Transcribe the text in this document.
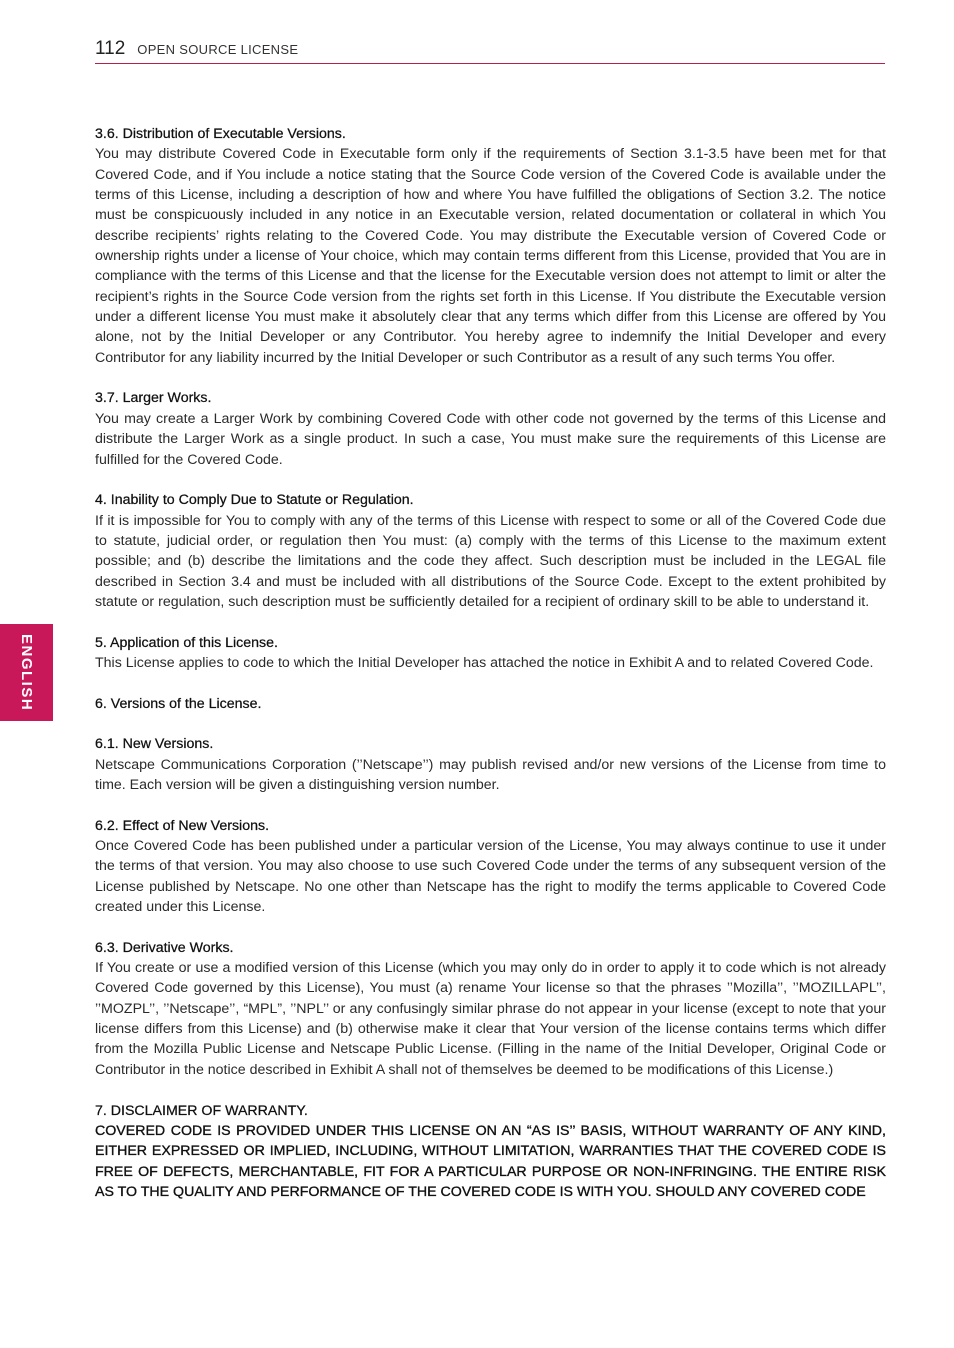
112 OPEN SOURCE LICENSE
ENGLISH
3.6. Distribution of Executable Versions.

You may distribute Covered Code in Executable form only if the requirements of Section 3.1-3.5 have been met for that Covered Code, and if You include a notice stating that the Source Code version of the Covered Code is available under the terms of this License, including a description of how and where You have fulfilled the obligations of Section 3.2. The notice must be conspicuously included in any notice in an Executable version, related documentation or collateral in which You describe recipients’ rights relating to the Covered Code. You may distribute the Executable version of Covered Code or ownership rights under a license of Your choice, which may contain terms different from this License, provided that You are in compliance with the terms of this License and that the license for the Executable version does not attempt to limit or alter the recipient’s rights in the Source Code version from the rights set forth in this License. If You distribute the Executable version under a different license You must make it absolutely clear that any terms which differ from this License are offered by You alone, not by the Initial Developer or any Contributor. You hereby agree to indemnify the Initial Developer and every Contributor for any liability incurred by the Initial Developer or such Contributor as a result of any such terms You offer.

3.7. Larger Works.

You may create a Larger Work by combining Covered Code with other code not governed by the terms of this License and distribute the Larger Work as a single product. In such a case, You must make sure the requirements of this License are fulfilled for the Covered Code.

4. Inability to Comply Due to Statute or Regulation.

If it is impossible for You to comply with any of the terms of this License with respect to some or all of the Covered Code due to statute, judicial order, or regulation then You must: (a) comply with the terms of this License to the maximum extent possible; and (b) describe the limitations and the code they affect. Such description must be included in the LEGAL file described in Section 3.4 and must be included with all distributions of the Source Code. Except to the extent prohibited by statute or regulation, such description must be sufficiently detailed for a recipient of ordinary skill to be able to understand it.

5. Application of this License.

This License applies to code to which the Initial Developer has attached the notice in Exhibit A and to related Covered Code.

6. Versions of the License.
6.1. New Versions.

Netscape Communications Corporation (’’Netscape’’) may publish revised and/or new versions of the License from time to time. Each version will be given a distinguishing version number.

6.2. Effect of New Versions.

Once Covered Code has been published under a particular version of the License, You may always continue to use it under the terms of that version. You may also choose to use such Covered Code under the terms of any subsequent version of the License published by Netscape. No one other than Netscape has the right to modify the terms applicable to Covered Code created under this License.

6.3. Derivative Works.

If You create or use a modified version of this License (which you may only do in order to apply it to code which is not already Covered Code governed by this License), You must (a) rename Your license so that the phrases ’’Mozilla’’, ’’MOZILLAPL’’, ’’MOZPL’’, ’’Netscape’’, “MPL”, ’’NPL’’ or any confusingly similar phrase do not appear in your license (except to note that your license differs from this License) and (b) otherwise make it clear that Your version of the license contains terms which differ from the Mozilla Public License and Netscape Public License. (Filling in the name of the Initial Developer, Original Code or Contributor in the notice described in Exhibit A shall not of themselves be deemed to be modifications of this License.)

7. DISCLAIMER OF WARRANTY.

COVERED CODE IS PROVIDED UNDER THIS LICENSE ON AN “AS IS’’ BASIS, WITHOUT WARRANTY OF ANY KIND, EITHER EXPRESSED OR IMPLIED, INCLUDING, WITHOUT LIMITATION, WARRANTIES THAT THE COVERED CODE IS FREE OF DEFECTS, MERCHANTABLE, FIT FOR A PARTICULAR PURPOSE OR NON-INFRINGING. THE ENTIRE RISK AS TO THE QUALITY AND PERFORMANCE OF THE COVERED CODE IS WITH YOU. SHOULD ANY COVERED CODE
